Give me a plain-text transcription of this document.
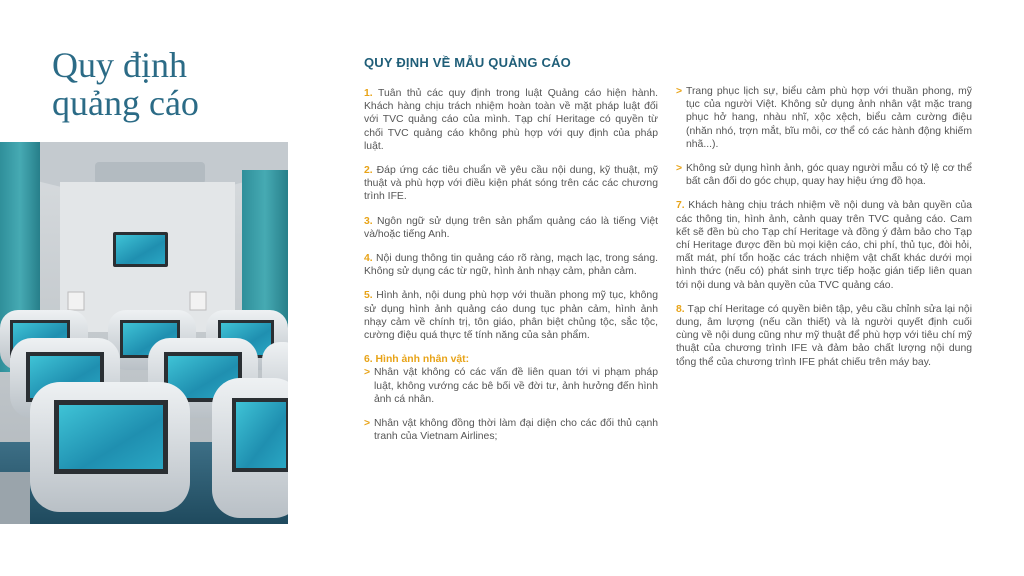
Quy định
quảng cáo
QUY ĐỊNH VỀ MẪU QUẢNG CÁO

1. Tuân thủ các quy định trong luật Quảng cáo hiện hành. Khách hàng chịu trách nhiệm hoàn toàn về mặt pháp luật đối với TVC quảng cáo của mình. Tạp chí Heritage có quyền từ chối TVC quảng cáo không phù hợp với quy định của pháp luật.

2. Đáp ứng các tiêu chuẩn về yêu cầu nội dung, kỹ thuật, mỹ thuật và phù hợp với điều kiện phát sóng trên các các chương trình IFE.

3. Ngôn ngữ sử dụng trên sản phẩm quảng cáo là tiếng Việt và/hoặc tiếng Anh.

4. Nội dung thông tin quảng cáo rõ ràng, mạch lạc, trong sáng. Không sử dụng các từ ngữ, hình ảnh nhạy cảm, phản cảm.

5. Hình ảnh, nội dung phù hợp với thuần phong mỹ tục, không sử dụng hình ảnh quảng cáo dung tục phản cảm, hình ảnh nhạy cảm về chính trị, tôn giáo, phân biệt chủng tộc, sắc tộc, cường điệu quá thực tế tính năng của sản phẩm.

6. Hình ảnh nhân vật:

> Nhân vật không có các vấn đề liên quan tới vi phạm pháp luật, không vướng các bê bối về đời tư, ảnh hưởng đến hình ảnh cá nhân.

> Nhân vật không đồng thời làm đại diện cho các đối thủ cạnh tranh của Vietnam Airlines;

> Trang phục lịch sự, biểu cảm phù hợp với thuần phong, mỹ tục của người Việt. Không sử dụng ảnh nhân vật mặc trang phục hở hang, nhàu nhĩ, xộc xệch, biểu cảm cường điệu (nhăn nhó, trợn mắt, bĩu môi, cơ thể có các hành động khiếm nhã...).

> Không sử dụng hình ảnh, góc quay người mẫu có tỷ lệ cơ thể bất cân đối do góc chụp, quay hay hiệu ứng đồ họa.

7. Khách hàng chịu trách nhiệm về nội dung và bản quyền của các thông tin, hình ảnh, cảnh quay trên TVC quảng cáo. Cam kết sẽ đền bù cho Tạp chí Heritage và đồng ý đảm bảo cho Tạp chí Heritage được đền bù mọi kiện cáo, chi phí, thủ tục, đòi hỏi, mất mát, phí tổn hoặc các trách nhiệm vật chất khác dưới mọi hình thức (nếu có) phát sinh trực tiếp hoặc gián tiếp liên quan tới nội dung và bản quyền của TVC quảng cáo.

8. Tạp chí Heritage có quyền biên tập, yêu cầu chỉnh sửa lại nội dung, âm lượng (nếu cần thiết) và là người quyết định cuối cùng về nội dung cũng như mỹ thuật để phù hợp với tiêu chí mỹ thuật của chương trình IFE và đảm bảo chất lượng nội dung tổng thể của chương trình IFE phát chiếu trên máy bay.
